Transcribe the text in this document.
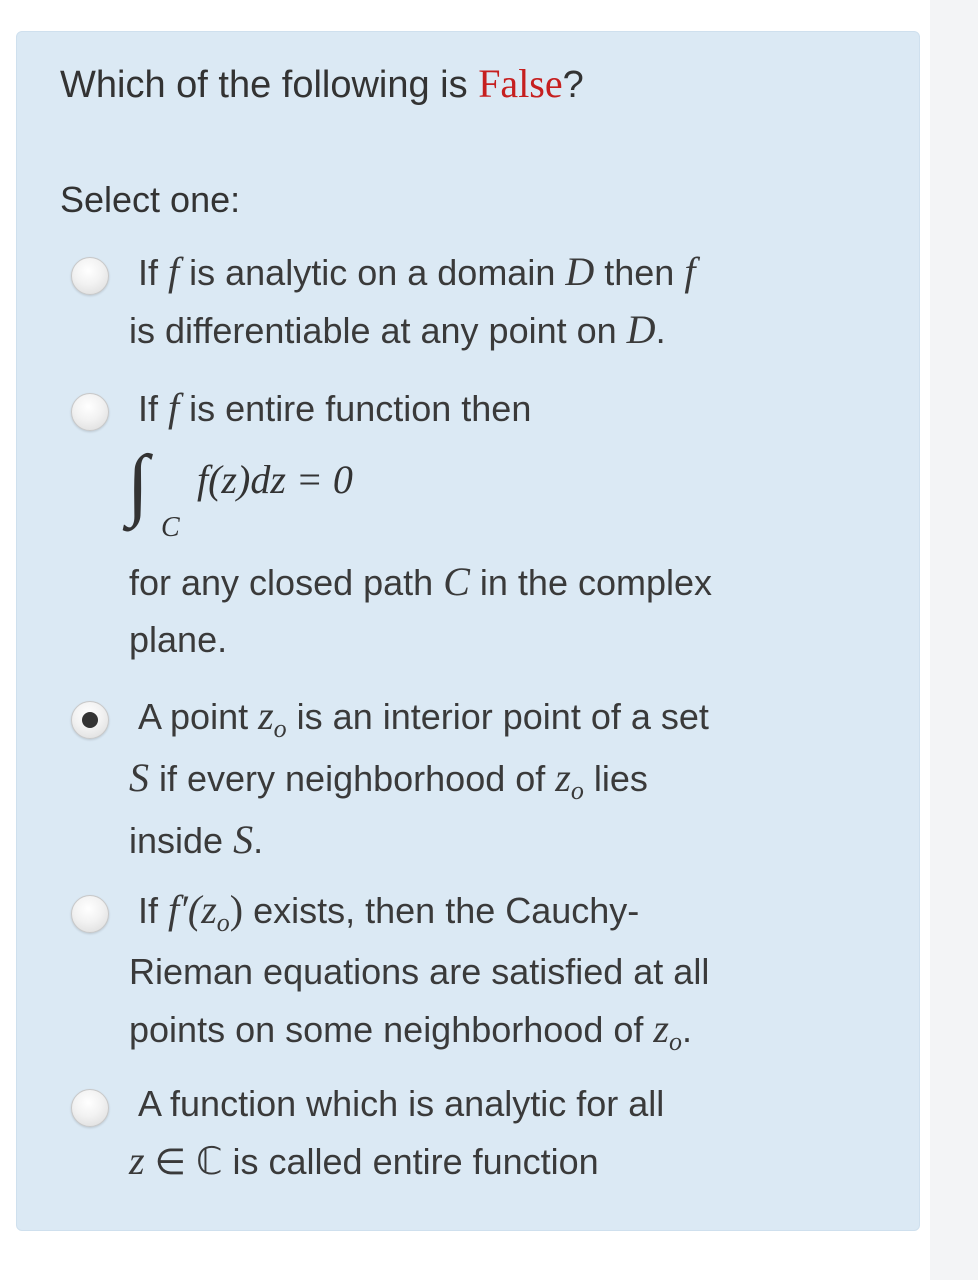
Which of the following is False?
Select one:
If f is analytic on a domain D then f
is differentiable at any point on D.
If f is entire function then
∫ C
f(z)dz = 0
for any closed path C in the complex
plane.
A point $z_o$ is an interior point of a set
S if every neighborhood of $z_o$ lies
inside S.
If $f'(z_o)$ exists, then the Cauchy-
Rieman equations are satisfied at all
points on some neighborhood of $z_o$.
A function which is analytic for all
z ∈ ℂ is called entire function
